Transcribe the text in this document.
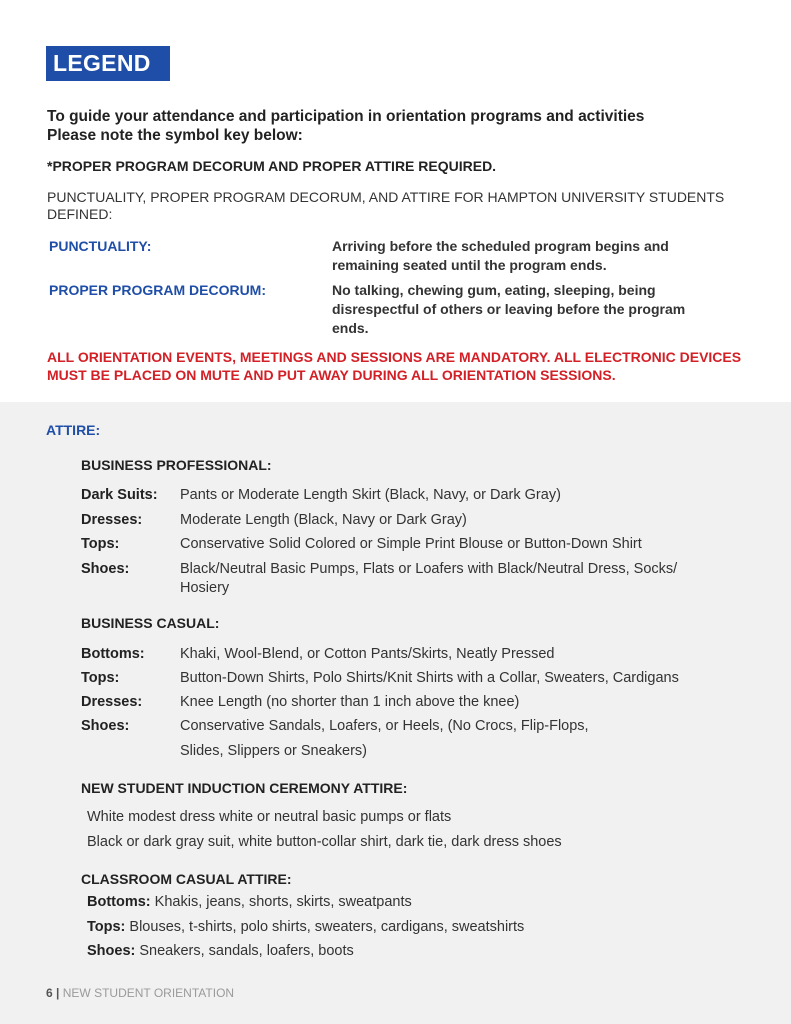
LEGEND
To guide your attendance and participation in orientation programs and activities
Please note the symbol key below:
*PROPER PROGRAM DECORUM AND PROPER ATTIRE REQUIRED.
PUNCTUALITY, PROPER PROGRAM DECORUM, AND ATTIRE FOR HAMPTON UNIVERSITY STUDENTS DEFINED:
PUNCTUALITY:	Arriving before the scheduled program begins and remaining seated until the program ends.
PROPER PROGRAM DECORUM:	No talking, chewing gum, eating, sleeping, being disrespectful of others or leaving before the program ends.
ALL ORIENTATION EVENTS, MEETINGS AND SESSIONS ARE MANDATORY. ALL ELECTRONIC DEVICES MUST BE PLACED ON MUTE AND PUT AWAY DURING ALL ORIENTATION SESSIONS.
ATTIRE:
BUSINESS PROFESSIONAL:
Dark Suits: Pants or Moderate Length Skirt (Black, Navy, or Dark Gray)
Dresses:	Moderate Length (Black, Navy or Dark Gray)
Tops:	Conservative Solid Colored or Simple Print Blouse or Button-Down Shirt
Shoes:	Black/Neutral Basic Pumps, Flats or Loafers with Black/Neutral Dress, Socks/ Hosiery
BUSINESS CASUAL:
Bottoms: Khaki, Wool-Blend, or Cotton Pants/Skirts, Neatly Pressed
Tops:	Button-Down Shirts, Polo Shirts/Knit Shirts with a Collar, Sweaters, Cardigans
Dresses:	Knee Length (no shorter than 1 inch above the knee)
Shoes:	Conservative Sandals, Loafers, or Heels, (No Crocs, Flip-Flops,
Slides, Slippers or Sneakers)
NEW STUDENT INDUCTION CEREMONY ATTIRE:
White modest dress white or neutral basic pumps or flats
Black or dark gray suit, white button-collar shirt, dark tie, dark dress shoes
CLASSROOM CASUAL ATTIRE:
Bottoms: Khakis, jeans, shorts, skirts, sweatpants
Tops: Blouses, t-shirts, polo shirts, sweaters, cardigans, sweatshirts
Shoes: Sneakers, sandals, loafers, boots
6 | NEW STUDENT ORIENTATION
